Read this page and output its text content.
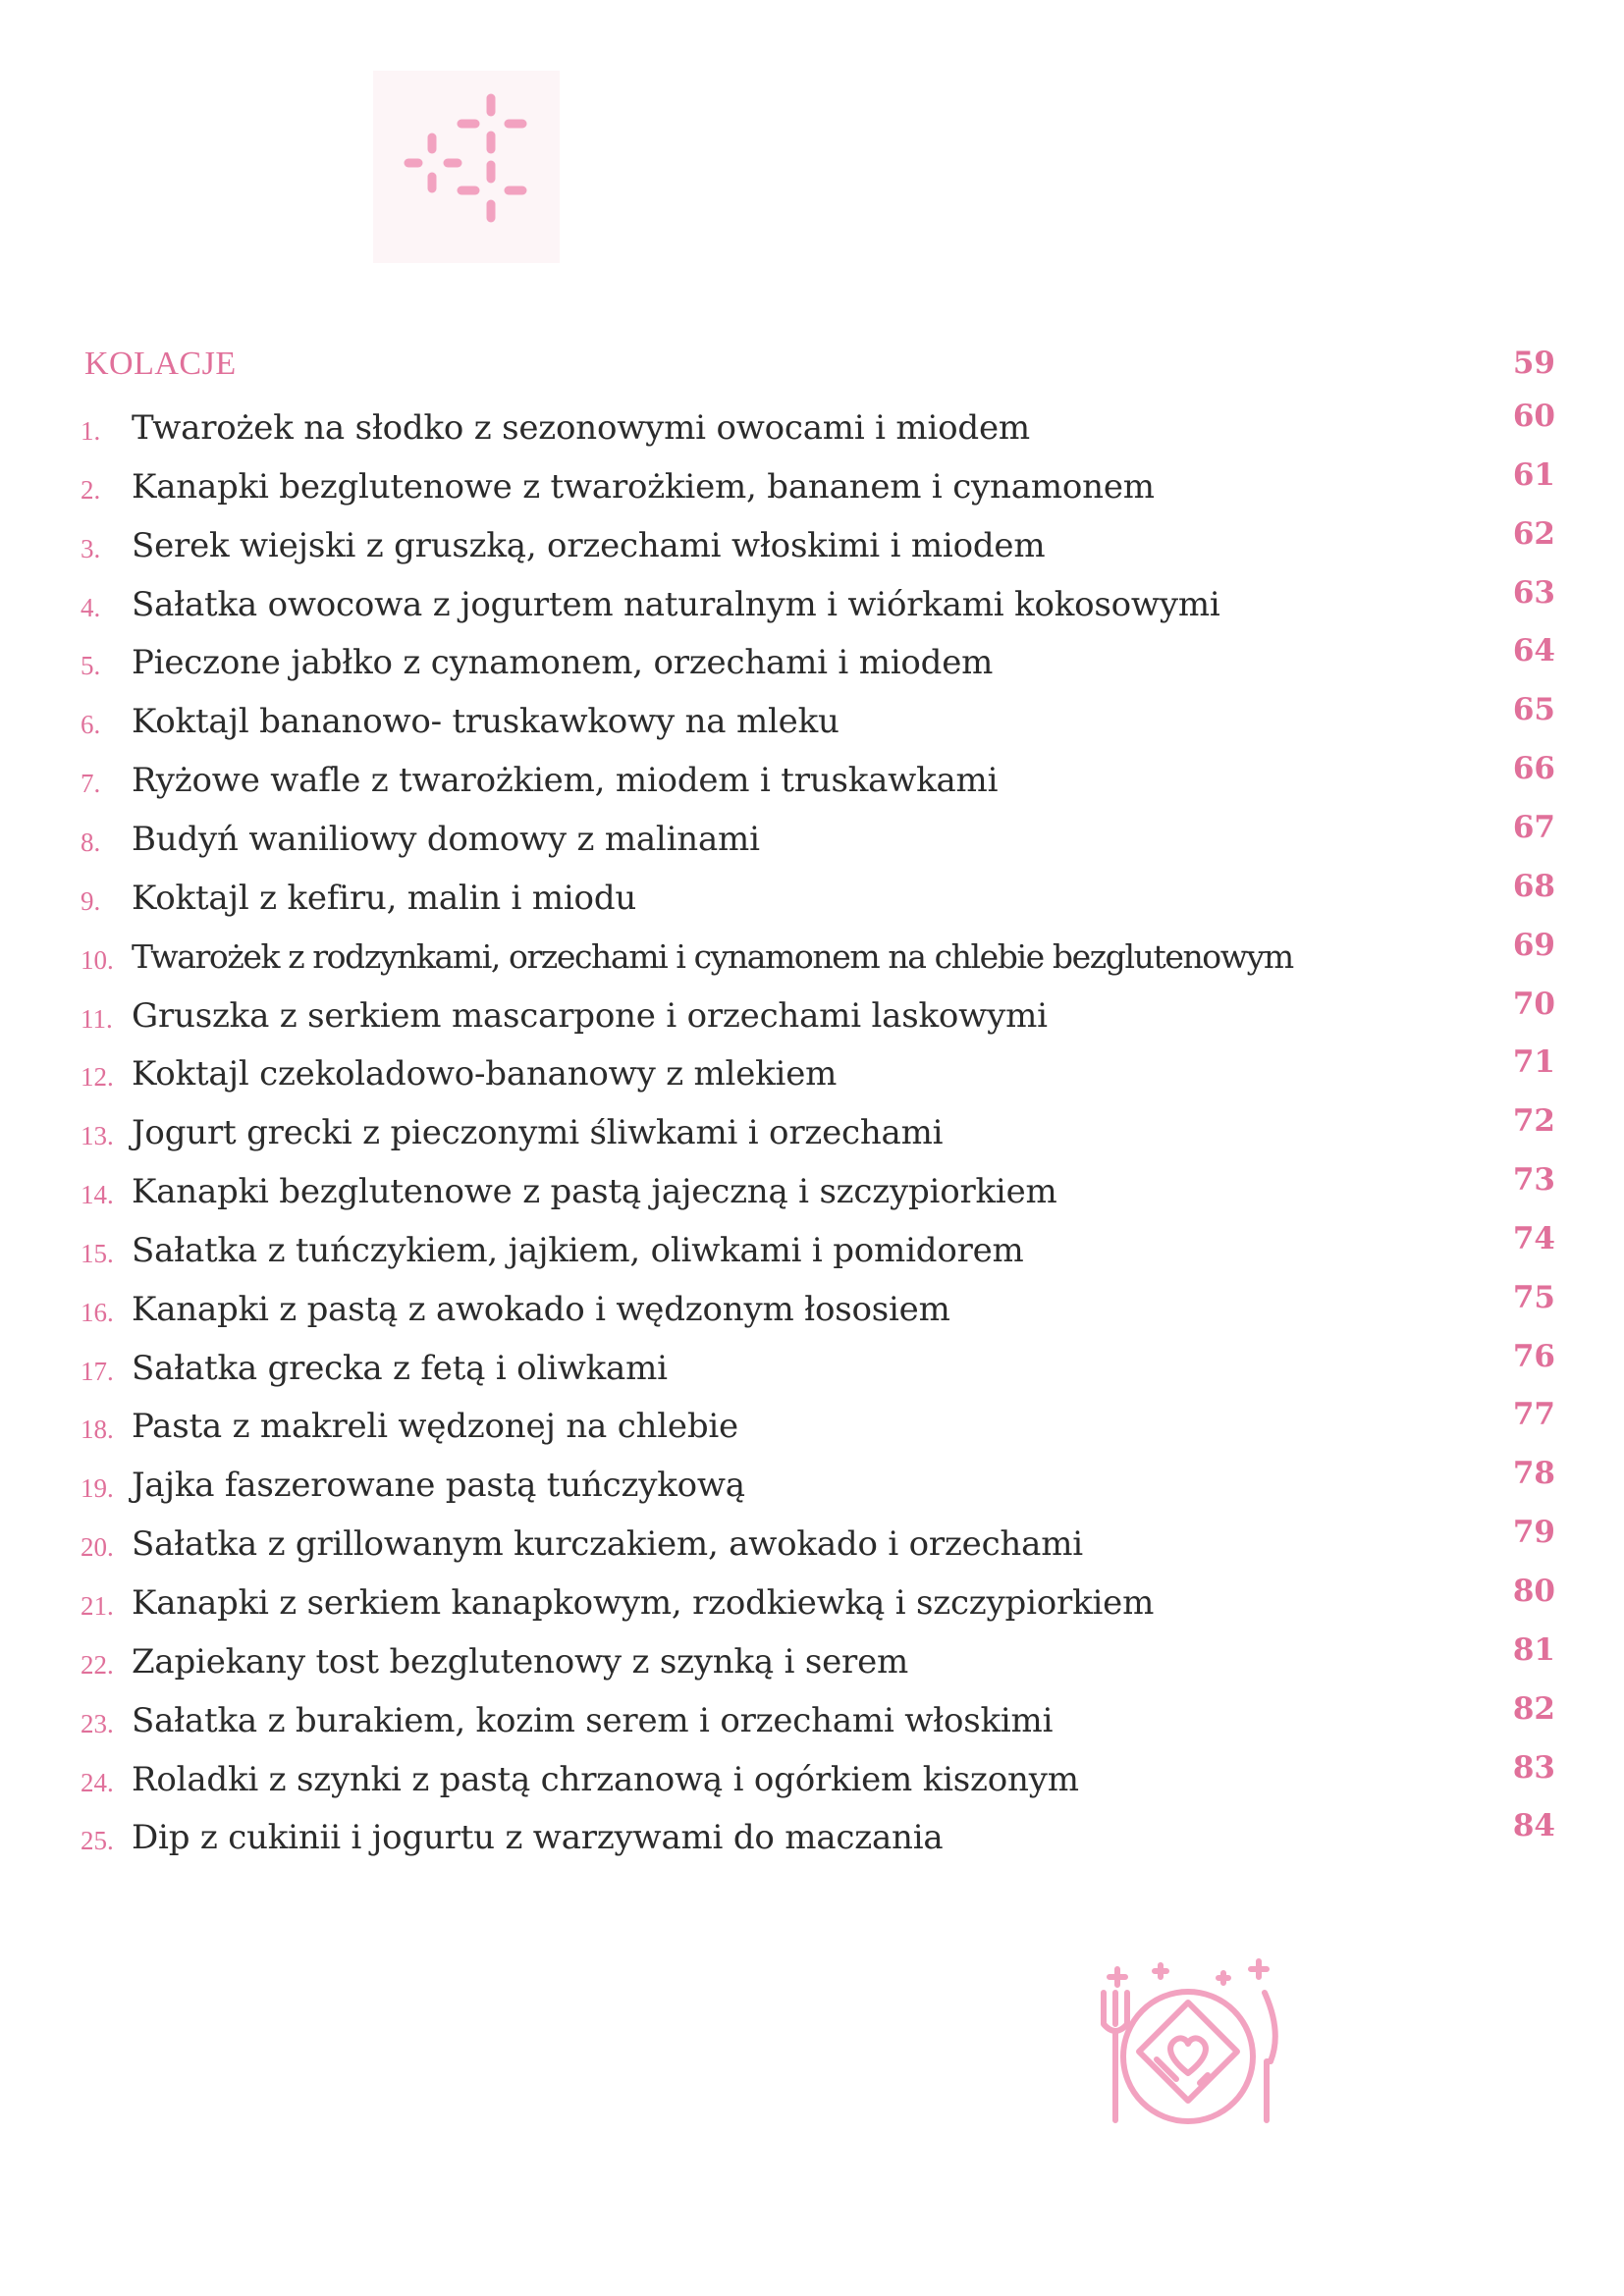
KOLACJE	59
1. Twarożek na słodko z sezonowymi owocami i miodem	60
2. Kanapki bezglutenowe z twarożkiem, bananem i cynamonem	61
3. Serek wiejski z gruszką, orzechami włoskimi i miodem	62
4. Sałatka owocowa z jogurtem naturalnym i wiórkami kokosowymi	63
5. Pieczone jabłko z cynamonem, orzechami i miodem	64
6. Koktajl bananowo- truskawkowy na mleku	65
7. Ryżowe wafle z twarożkiem, miodem i truskawkami	66
8. Budyń waniliowy domowy z malinami	67
9. Koktajl z kefiru, malin i miodu	68
10. Twarożek z rodzynkami, orzechami i cynamonem na chlebie bezglutenowym	69
11. Gruszka z serkiem mascarpone i orzechami laskowymi	70
12. Koktajl czekoladowo-bananowy z mlekiem	71
13. Jogurt grecki z pieczonymi śliwkami i orzechami	72
14. Kanapki bezglutenowe z pastą jajeczną i szczypiorkiem	73
15. Sałatka z tuńczykiem, jajkiem, oliwkami i pomidorem	74
16. Kanapki z pastą z awokado i wędzonym łososiem	75
17. Sałatka grecka z fetą i oliwkami	76
18. Pasta z makreli wędzonej na chlebie	77
19. Jajka faszerowane pastą tuńczykową	78
20. Sałatka z grillowanym kurczakiem, awokado i orzechami	79
21. Kanapki z serkiem kanapkowym, rzodkiewką i szczypiorkiem	80
22. Zapiekany tost bezglutenowy z szynką i serem	81
23. Sałatka z burakiem, kozim serem i orzechami włoskimi	82
24. Roladki z szynki z pastą chrzanową i ogórkiem kiszonym	83
25. Dip z cukinii i jogurtu z warzywami do maczania	84
